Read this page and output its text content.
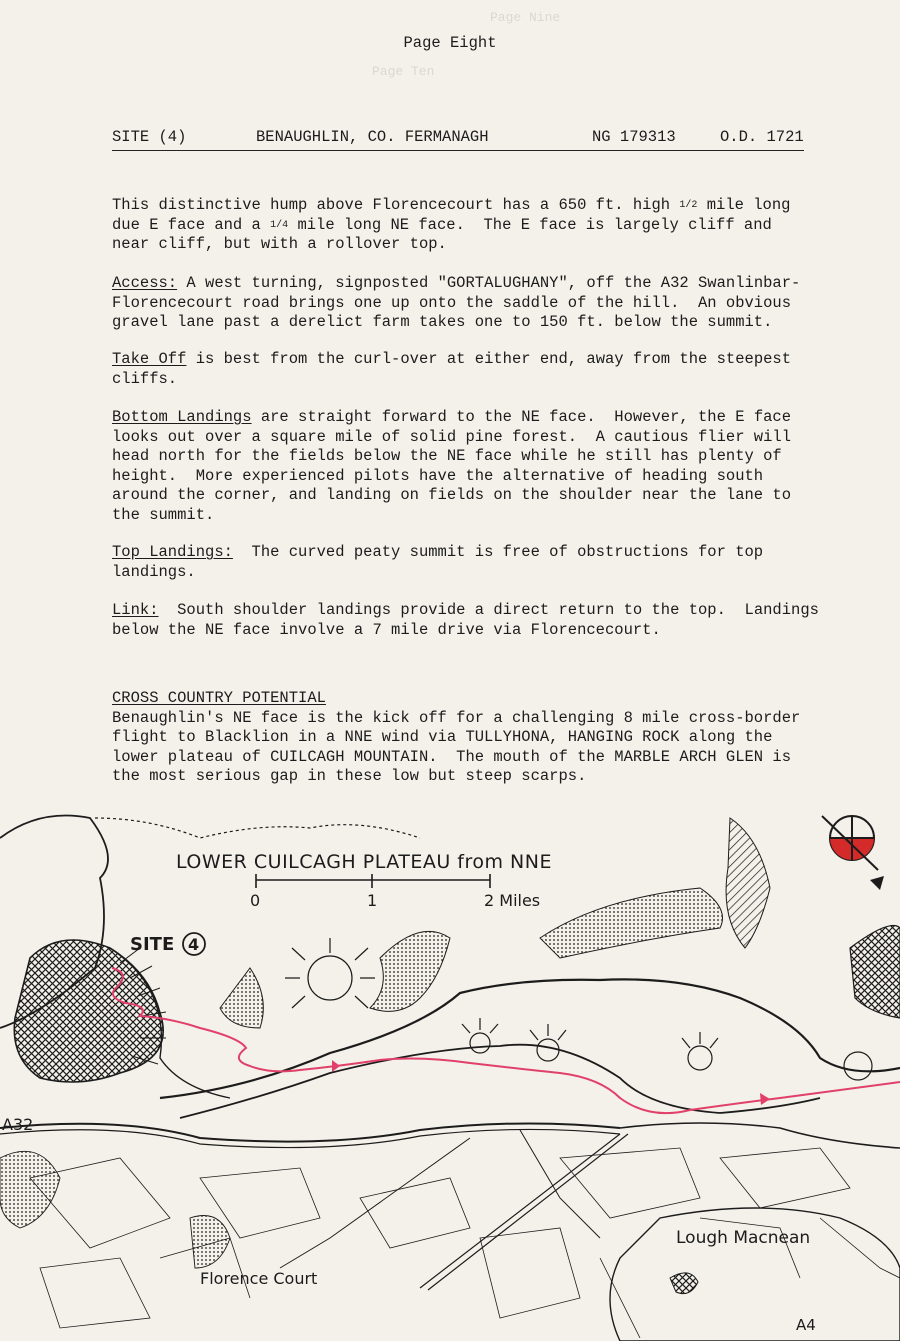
Page Nine
Page Ten
Page Eight
SITE (4)	BENAUGHLIN, CO. FERMANAGH	NG 179313	O.D. 1721
This distinctive hump above Florencecourt has a 650 ft. high 1/2 mile long
due E face and a 1/4 mile long NE face.  The E face is largely cliff and
near cliff, but with a rollover top.
Access: A west turning, signposted "GORTALUGHANY", off the A32 Swanlinbar-
Florencecourt road brings one up onto the saddle of the hill.  An obvious
gravel lane past a derelict farm takes one to 150 ft. below the summit.
Take Off is best from the curl-over at either end, away from the steepest
cliffs.
Bottom Landings are straight forward to the NE face.  However, the E face
looks out over a square mile of solid pine forest.  A cautious flier will
head north for the fields below the NE face while he still has plenty of
height.  More experienced pilots have the alternative of heading south
around the corner, and landing on fields on the shoulder near the lane to
the summit.
Top Landings:  The curved peaty summit is free of obstructions for top
landings.
Link:  South shoulder landings provide a direct return to the top.  Landings
below the NE face involve a 7 mile drive via Florencecourt.
CROSS COUNTRY POTENTIAL
Benaughlin's NE face is the kick off for a challenging 8 mile cross-border
flight to Blacklion in a NNE wind via TULLYHONA, HANGING ROCK along the
lower plateau of CUILCAGH MOUNTAIN.  The mouth of the MARBLE ARCH GLEN is
the most serious gap in these low but steep scarps.
LOWER CUILCAGH PLATEAU from NNE
0	1	2 Miles
SITE 4
A32
Florence Court
Lough Macnean
A4
